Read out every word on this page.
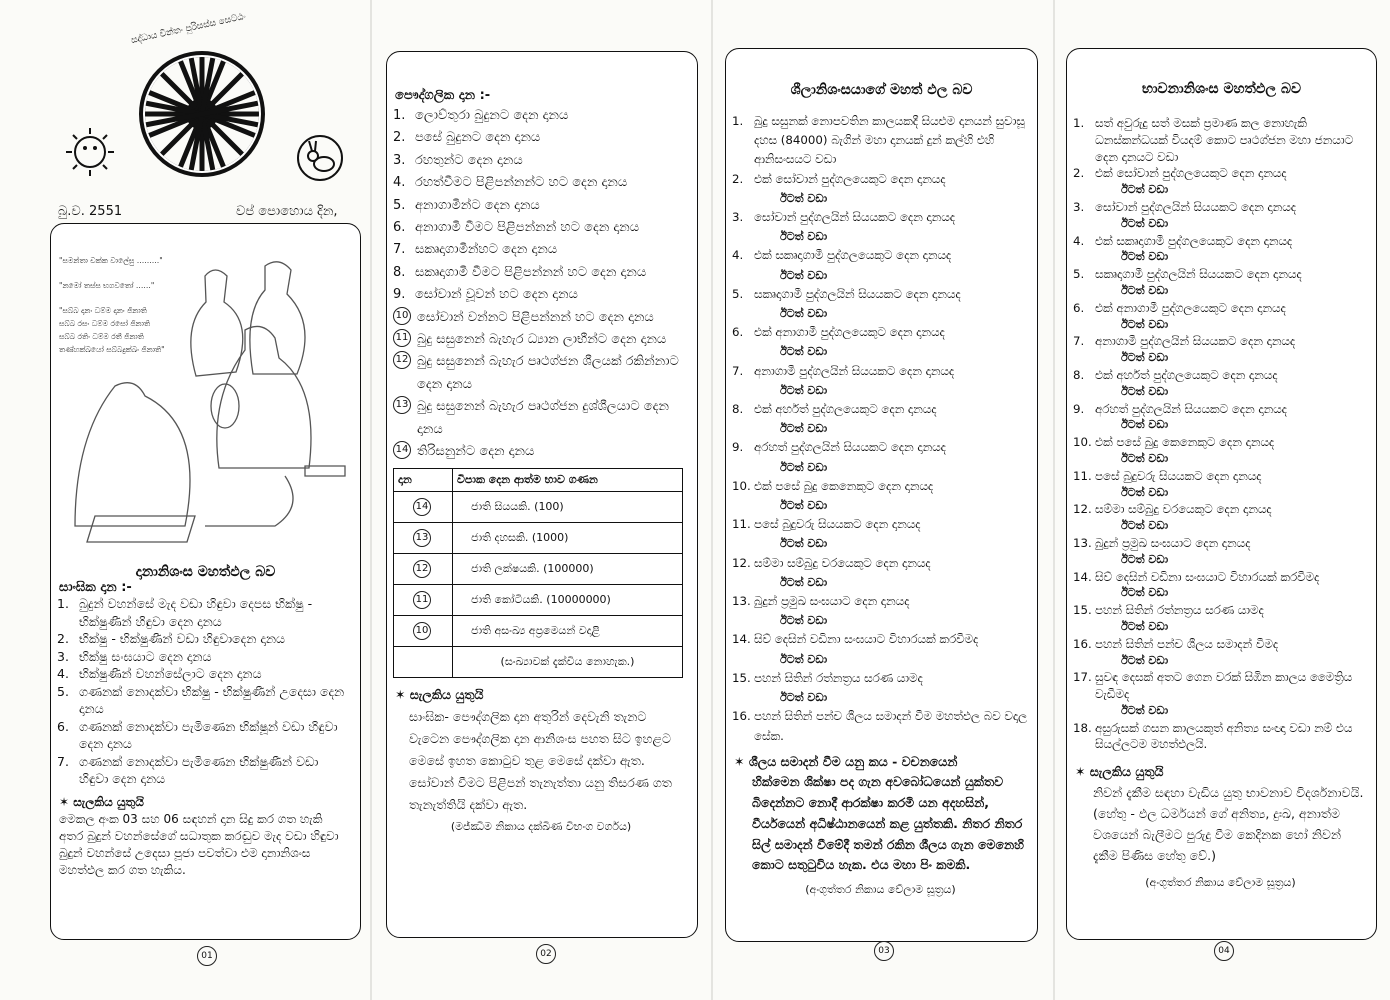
සද්ධාය චින්තං පුරිසස්ස සෙට්ඨං
බු.ව. 2551	වප් පොහොය දින,
"සමන්තා චක්ක වාලේසු ………"
"නමෝ තස්ස භගවතෝ ……"
"සබ්බ දානං ධම්ම දානං ජිනාති
සබ්බ රසං ධම්ම රසෝ ජිනාති
සබ්බ රතිං ධම්ම රතී ජිනාති
තණ්හක්ඛයෝ සබ්බදුක්ඛං ජිනාති"
දානානිශංස මහත්ඵල බව
සාංඝික දාන :-
1. බුදුන් වහන්සේ මැද වඩා හිඳුවා දෙපස භික්ෂු - භික්ෂුණීන් හිඳුවා දෙන දානය
2. භික්ෂු - භික්ෂුණීන් වඩා හිඳුවාදෙන දානය
3. භික්ෂු සංඝයාට දෙන දානය
4. භික්ෂුණීන් වහන්සේලාට දෙන දානය
5. ගණනක් නොදක්වා භික්ෂු - භික්ෂුණීන් උදෙසා දෙන දානය
6. ගණනක් නොදක්වා පැමිණෙන භික්ෂූන් වඩා හිඳුවා දෙන දානය
7. ගණනක් නොදක්වා පැමිණෙන භික්ෂුණීන් වඩා හිඳුවා දෙන දානය
✶ සැලකිය යුතුයි
මෙකල අංක 03 සහ 06 සඳහන් දාන සිදු කර ගත හැකි අතර බුදුන් වහන්සේගේ සධාතුක කරඬුව මැද වඩා හිඳුවා බුදුන් වහන්සේ උදෙසා පූජා පවත්වා එම දානානිශංස මහත්ඵල කර ගත හැකිය.
01
පෞද්ගලික දාන :-
1. ලොව්තුරා බුදුනට දෙන දානය
2. පසේ බුදුනට දෙන දානය
3. රහතුන්ට දෙන දානය
4. රහත්වීමට පිළිපන්නන්ට හට දෙන දානය
5. අනාගාමීන්ට දෙන දානය
6. අනාගාමී වීමට පිළිපන්නන් හට දෙන දානය
7. සකෘදාගාමීන්හට දෙන දානය
8. සකෘදාගාමී වීමට පිළිපන්නන් හට දෙන දානය
9. සෝවාන් වූවන් හට දෙන දානය
10 සෝවාන් වන්නට පිළිපන්නන් හට දෙන දානය
11 බුදු සසුනෙන් බැහැර ධ්‍යාන ලාභීන්ට දෙන දානය
12 බුදු සසුනෙන් බැහැර පෘථග්ජන ශීලයක් රකින්නාට දෙන දානය
13 බුදු සසුනෙන් බැහැර පෘථග්ජන දුශ්ශීලයාට දෙන දානය
14 තිරිසනුන්ට දෙන දානය
දාන	විපාක දෙන ආත්ම භාව ගණන
14	ජාති සියයකි. (100)
13	ජාති දහසකි. (1000)
12	ජාති ලක්ෂයකි. (100000)
11	ජාති කෝටියකි. (10000000)
10	ජාති අසංඛ්‍ය අප්‍රමෙයන් වදාළි
	(සංඛ්‍යාවක් දැක්විය නොහැක.)
✶ සැලකිය යුතුයි
සාංඝික- පෞද්ගලික දාන අතුරින් දෙවැනි තැනට වැටෙන පෞද්ගලික දාන ආනිශංස පහත සිට ඉහළට මෙසේ ඉහත කොටුව තුළ මෙසේ දක්වා ඇත. සෝවාන් වීමට පිළිපන් තැනැත්තා යනු තිසරණ ගත තැනැත්තියි දක්වා ඇත.
(මජ්ඣිම නිකාය දක්ඛිණ විභංග වර්ගය)
02
ශීලානිශංසයාගේ මහත් ඵල බව
1. බුදු සසුනක් නොපවතින කාලයකදී සියළුම දානයන් සුවාසූ දහස (84000) බැගින් මහා දානයක් දුන් කල්හි එහි ආනිසංසයට වඩා
2. එක් සෝවාන් පුද්ගලයෙකුට දෙන දානයද
ඊටත් වඩා
3. සෝවාන් පුද්ගලයින් සියයකට දෙන දානයද
ඊටත් වඩා
4. එක් සකෘදාගාමී පුද්ගලයෙකුට දෙන දානයද
ඊටත් වඩා
5. සකෘදාගාමී පුද්ගලයින් සියයකට දෙන දානයද
ඊටත් වඩා
6. එක් අනාගාමී පුද්ගලයෙකුට දෙන දානයද
ඊටත් වඩා
7. අනාගාමී පුද්ගලයින් සියයකට දෙන දානයද
ඊටත් වඩා
8. එක් අර්හත් පුද්ගලයෙකුට දෙන දානයද
ඊටත් වඩා
9. අරහත් පුද්ගලයින් සියයකට දෙන දානයද
ඊටත් වඩා
10. එක් පසේ බුදු කෙනෙකුට දෙන දානයද
ඊටත් වඩා
11. පසේ බුදුවරු සියයකට දෙන දානයද
ඊටත් වඩා
12. සම්මා සම්බුදු වරයෙකුට දෙන දානයද
ඊටත් වඩා
13. බුදුන් ප්‍රමුඛ සංඝයාට දෙන දානයද
ඊටත් වඩා
14. සිව් දෙසින් වඩිනා සංඝයාට විහාරයක් කරවීමද
ඊටත් වඩා
15. පහන් සිතින් රත්නත්‍රය සරණ යාමද
ඊටත් වඩා
16. පහන් සිතින් පන්ච ශීලය සමාදන් වීම මහත්ඵල බව වදාල සේක.
✶ ශීලය සමාදන් වීම යනු කය - වචනයෙන්
හික්මෙන ශික්ෂා පද ගැන අවබෝධයෙන් යුක්තව බිදෙන්නට නොදී ආරක්ෂා කරමි යන අදහසින්, වීර්යයෙන් අධිෂ්ඨානයෙන් කළ යුත්තකි. නිතර නිතර සිල් සමාදන් වීමේදී තමන් රකින ශීලය ගැන මෙනෙහි කොට සතුටුවිය හැක. එය මහා පිං කමකි.
(අංගුත්තර නිකාය වේලාම සූත්‍රය)
03
භාවනානිශංස මහත්ඵල බව
1. සත් අවුරුදු සත් මසක් ප්‍රමාණ කල නොහැකි ධනස්කන්ධයක් වියදම් කොට පෘථග්ජන මහා ජනයාට දෙන දානයට වඩා
2. එක් සෝවාන් පුද්ගලයෙකුට දෙන දානයද
ඊටත් වඩා
3. සෝවාන් පුද්ගලයින් සියයකට දෙන දානයද
ඊටත් වඩා
4. එක් සකෘදාගාමී පුද්ගලයෙකුට දෙන දානයද
ඊටත් වඩා
5. සකෘදාගාමී පුද්ගලයින් සියයකට දෙන දානයද
ඊටත් වඩා
6. එක් අනාගාමී පුද්ගලයෙකුට දෙන දානයද
ඊටත් වඩා
7. අනාගාමී පුද්ගලයින් සියයකට දෙන දානයද
ඊටත් වඩා
8. එක් අර්හත් පුද්ගලයෙකුට දෙන දානයද
ඊටත් වඩා
9. අරහත් පුද්ගලයින් සියයකට දෙන දානයද
ඊටත් වඩා
10. එක් පසේ බුදු කෙනෙකුට දෙන දානයද
ඊටත් වඩා
11. පසේ බුදුවරු සියයකට දෙන දානයද
ඊටත් වඩා
12. සම්මා සම්බුදු වරයෙකුට දෙන දානයද
ඊටත් වඩා
13. බුදුන් ප්‍රමුඛ සංඝයාට දෙන දානයද
ඊටත් වඩා
14. සිව් දෙසින් වඩිනා සංඝයාට විහාරයක් කරවීමද
ඊටත් වඩා
15. පහන් සිතින් රත්නත්‍රය සරණ යාමද
ඊටත් වඩා
16. පහන් සිතින් පන්ච ශීලය සමාදන් වීමද
ඊටත් වඩා
17. සුවඳ දෙසක් අතට ගෙන වරක් සිඹින කාලය මෛත්‍රිය වැඩීමද
ඊටත් වඩා
18. අසුරුසක් ගසන කාලයකුත් අනිත්‍ය සංඥා වඩා නම් එය සියල්ලටම මහත්ඵලයි.
✶ සැලකිය යුතුයි
නිවන් දැකීම සඳහා වැඩිය යුතු භාවනාව විදර්ශනාවයි. (හේතු - ඵල ධර්මයන් ගේ අනිත්‍ය, දුඃඛ, අනාත්ම වශයෙන් බැලීමට පුරුදු වීම කෙදිනක හෝ නිවන් දැකීම පිණිස හේතු වේ.)
(අංගුත්තර නිකාය වේලාම සූත්‍රය)
04
